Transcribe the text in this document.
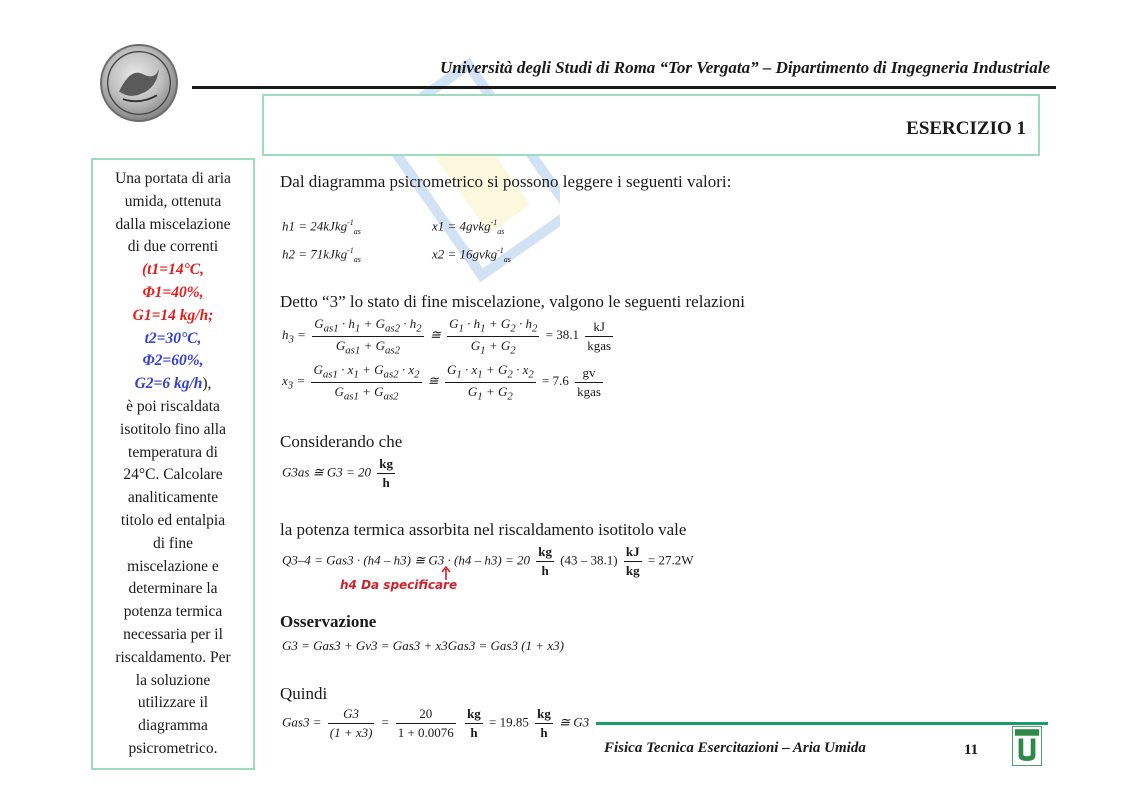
Università degli Studi di Roma “Tor Vergata” – Dipartimento di Ingegneria Industriale
ESERCIZIO 1
Una portata di aria
umida, ottenuta
dalla miscelazione
di due correnti
(t1=14°C,
Φ1=40%,
G1=14 kg/h;
t2=30°C,
Φ2=60%,
G2=6 kg/h),
è poi riscaldata
isotitolo fino alla
temperatura di
24°C. Calcolare
analiticamente
titolo ed entalpia
di fine
miscelazione e
determinare la
potenza termica
necessaria per il
riscaldamento. Per
la soluzione
utilizzare il
diagramma
psicrometrico.
Dal diagramma psicrometrico si possono leggere i seguenti valori:
h1 = 24kJkg$^{-1}_{as}$
h2 = 71kJkg$^{-1}_{as}$
x1 = 4gvkg$^{-1}_{as}$
x2 = 16gvkg$^{-1}_{as}$
Detto “3” lo stato di fine miscelazione, valgono le seguenti relazioni
$h_3 = \frac{G_{as1} \cdot h_1 + G_{as2} \cdot h_2}{G_{as1} + G_{as2}}$ ≅ $\frac{G_1 \cdot h_1 + G_2 \cdot h_2}{G_1 + G_2} = 38.1 \frac{kJ}{\text{kgas}}$
$x_3 = \frac{G_{as1} \cdot x_1 + G_{as2} \cdot x_2}{G_{as1} + G_{as2}}$ ≅ $\frac{G_1 \cdot x_1 + G_2 \cdot x_2}{G_1 + G_2} = 7.6 \frac{gv}{\text{kgas}}$
Considerando che
G3as ≅ $G3 = 20 \frac{kg}{h}$
la potenza termica assorbita nel riscaldamento isotitolo vale
Q3–4 = Gas3 · (h4 – h3) ≅ $G3 \cdot (h4 - h3) = 20 \frac{kg}{h} (43 - 38.1) \frac{kJ}{kg} = 27.2W$
h4 Da specificare
Osservazione
G3 = Gas3 + Gv3 = Gas3 + x3Gas3 = Gas3 (1 + x3)
Quindi
$Gas3 = \frac{G3}{(1 + x3)} = \frac{20}{1 + 0.0076}$
$\frac{kg}{h} = 19.85 \frac{kg}{h}$ ≅ G3
Fisica Tecnica Esercitazioni – Aria Umida	11
